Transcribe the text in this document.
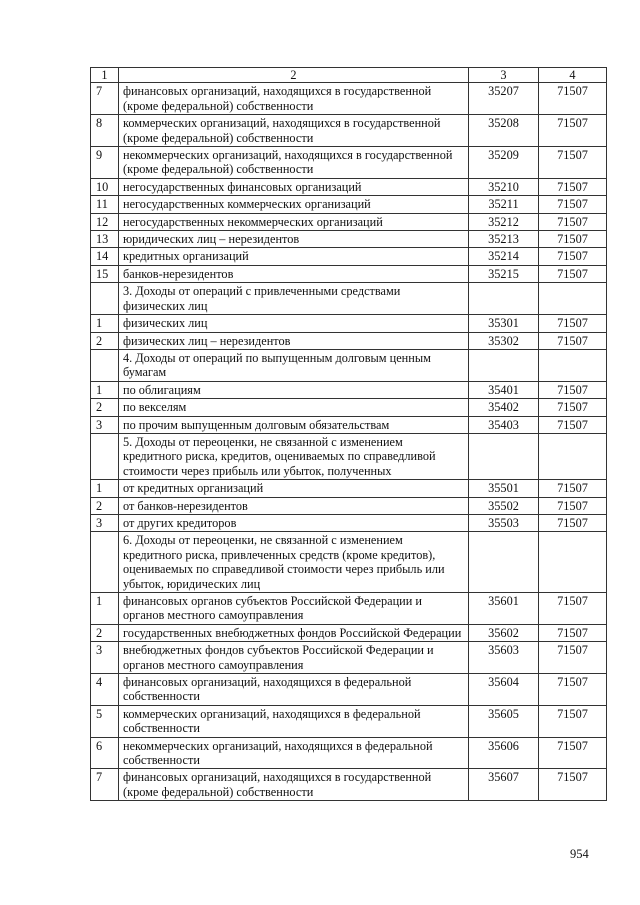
1	2	3	4
7	финансовых организаций, находящихся в государственной (кроме федеральной) собственности	35207	71507
8	коммерческих организаций, находящихся в государственной (кроме федеральной) собственности	35208	71507
9	некоммерческих организаций, находящихся в государственной (кроме федеральной) собственности	35209	71507
10	негосударственных финансовых организаций	35210	71507
11	негосударственных коммерческих организаций	35211	71507
12	негосударственных некоммерческих организаций	35212	71507
13	юридических лиц – нерезидентов	35213	71507
14	кредитных организаций	35214	71507
15	банков-нерезидентов	35215	71507
	3. Доходы от операций с привлеченными средствами физических лиц		
1	физических лиц	35301	71507
2	физических лиц – нерезидентов	35302	71507
	4. Доходы от операций по выпущенным долговым ценным бумагам		
1	по облигациям	35401	71507
2	по векселям	35402	71507
3	по прочим выпущенным долговым обязательствам	35403	71507
	5. Доходы от переоценки, не связанной с изменением кредитного риска, кредитов, оцениваемых по справедливой стоимости через прибыль или убыток, полученных		
1	от кредитных организаций	35501	71507
2	от банков-нерезидентов	35502	71507
3	от других кредиторов	35503	71507
	6. Доходы от переоценки, не связанной с изменением кредитного риска, привлеченных средств (кроме кредитов), оцениваемых по справедливой стоимости через прибыль или убыток, юридических лиц		
1	финансовых органов субъектов Российской Федерации и органов местного самоуправления	35601	71507
2	государственных внебюджетных фондов Российской Федерации	35602	71507
3	внебюджетных фондов субъектов Российской Федерации и органов местного самоуправления	35603	71507
4	финансовых организаций, находящихся в федеральной собственности	35604	71507
5	коммерческих организаций, находящихся в федеральной собственности	35605	71507
6	некоммерческих организаций, находящихся в федеральной собственности	35606	71507
7	финансовых организаций, находящихся в государственной (кроме федеральной) собственности	35607	71507
954
